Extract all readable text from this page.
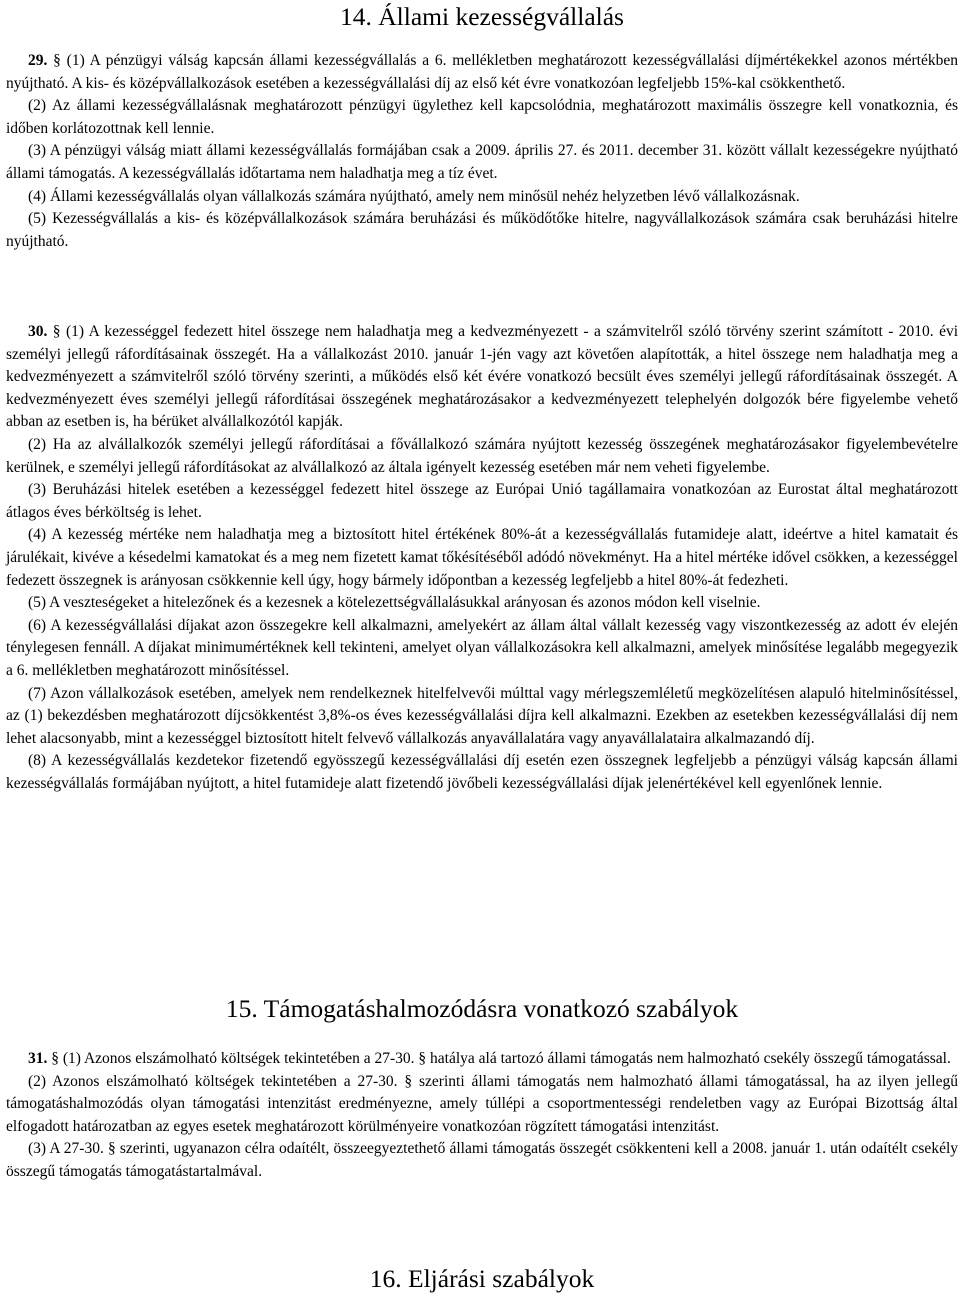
14. Állami kezességvállalás

29. § (1) A pénzügyi válság kapcsán állami kezességvállalás a 6. mellékletben meghatározott kezességvállalási díjmértékekkel azonos mértékben nyújtható. A kis- és középvállalkozások esetében a kezességvállalási díj az első két évre vonatkozóan legfeljebb 15%-kal csökkenthető.

(2) Az állami kezességvállalásnak meghatározott pénzügyi ügylethez kell kapcsolódnia, meghatározott maximális összegre kell vonatkoznia, és időben korlátozottnak kell lennie.

(3) A pénzügyi válság miatt állami kezességvállalás formájában csak a 2009. április 27. és 2011. december 31. között vállalt kezességekre nyújtható állami támogatás. A kezességvállalás időtartama nem haladhatja meg a tíz évet.

(4) Állami kezességvállalás olyan vállalkozás számára nyújtható, amely nem minősül nehéz helyzetben lévő vállalkozásnak.

(5) Kezességvállalás a kis- és középvállalkozások számára beruházási és működőtőke hitelre, nagyvállalkozások számára csak beruházási hitelre nyújtható.

30. § (1) A kezességgel fedezett hitel összege nem haladhatja meg a kedvezményezett - a számvitelről szóló törvény szerint számított - 2010. évi személyi jellegű ráfordításainak összegét. Ha a vállalkozást 2010. január 1-jén vagy azt követően alapították, a hitel összege nem haladhatja meg a kedvezményezett a számvitelről szóló törvény szerinti, a működés első két évére vonatkozó becsült éves személyi jellegű ráfordításainak összegét. A kedvezményezett éves személyi jellegű ráfordításai összegének meghatározásakor a kedvezményezett telephelyén dolgozók bére figyelembe vehető abban az esetben is, ha bérüket alvállalkozótól kapják.

(2) Ha az alvállalkozók személyi jellegű ráfordításai a fővállalkozó számára nyújtott kezesség összegének meghatározásakor figyelembevételre kerülnek, e személyi jellegű ráfordításokat az alvállalkozó az általa igényelt kezesség esetében már nem veheti figyelembe.

(3) Beruházási hitelek esetében a kezességgel fedezett hitel összege az Európai Unió tagállamaira vonatkozóan az Eurostat által meghatározott átlagos éves bérköltség is lehet.

(4) A kezesség mértéke nem haladhatja meg a biztosított hitel értékének 80%-át a kezességvállalás futamideje alatt, ideértve a hitel kamatait és járulékait, kivéve a késedelmi kamatokat és a meg nem fizetett kamat tőkésítéséből adódó növekményt. Ha a hitel mértéke idővel csökken, a kezességgel fedezett összegnek is arányosan csökkennie kell úgy, hogy bármely időpontban a kezesség legfeljebb a hitel 80%-át fedezheti.

(5) A veszteségeket a hitelezőnek és a kezesnek a kötelezettségvállalásukkal arányosan és azonos módon kell viselnie.

(6) A kezességvállalási díjakat azon összegekre kell alkalmazni, amelyekért az állam által vállalt kezesség vagy viszontkezesség az adott év elején ténylegesen fennáll. A díjakat minimumértéknek kell tekinteni, amelyet olyan vállalkozásokra kell alkalmazni, amelyek minősítése legalább megegyezik a 6. mellékletben meghatározott minősítéssel.

(7) Azon vállalkozások esetében, amelyek nem rendelkeznek hitelfelvevői múlttal vagy mérlegszemléletű megközelítésen alapuló hitelminősítéssel, az (1) bekezdésben meghatározott díjcsökkentést 3,8%-os éves kezességvállalási díjra kell alkalmazni. Ezekben az esetekben kezességvállalási díj nem lehet alacsonyabb, mint a kezességgel biztosított hitelt felvevő vállalkozás anyavállalatára vagy anyavállalataira alkalmazandó díj.

(8) A kezességvállalás kezdetekor fizetendő egyösszegű kezességvállalási díj esetén ezen összegnek legfeljebb a pénzügyi válság kapcsán állami kezességvállalás formájában nyújtott, a hitel futamideje alatt fizetendő jövőbeli kezességvállalási díjak jelenértékével kell egyenlőnek lennie.

15. Támogatáshalmozódásra vonatkozó szabályok

31. § (1) Azonos elszámolható költségek tekintetében a 27-30. § hatálya alá tartozó állami támogatás nem halmozható csekély összegű támogatással.

(2) Azonos elszámolható költségek tekintetében a 27-30. § szerinti állami támogatás nem halmozható állami támogatással, ha az ilyen jellegű támogatáshalmozódás olyan támogatási intenzitást eredményezne, amely túllépi a csoportmentességi rendeletben vagy az Európai Bizottság által elfogadott határozatban az egyes esetek meghatározott körülményeire vonatkozóan rögzített támogatási intenzitást.

(3) A 27-30. § szerinti, ugyanazon célra odaítélt, összeegyeztethető állami támogatás összegét csökkenteni kell a 2008. január 1. után odaítélt csekély összegű támogatás támogatástartalmával.

16. Eljárási szabályok
